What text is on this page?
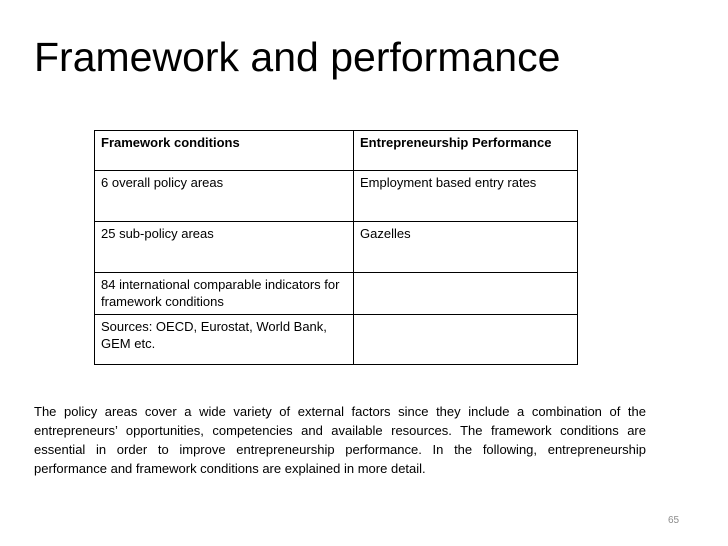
Framework and performance
Framework conditions	Entrepreneurship Performance
6 overall policy areas	Employment based entry rates
25 sub-policy areas	Gazelles
84 international comparable indicators for framework conditions	
Sources: OECD, Eurostat, World Bank, GEM etc.	
The policy areas cover a wide variety of external factors since they include a combination of the entrepreneurs’ opportunities, competencies and available resources. The framework conditions are essential in order to improve entrepreneurship performance. In the following, entrepreneurship performance and framework conditions are explained in more detail.
65
